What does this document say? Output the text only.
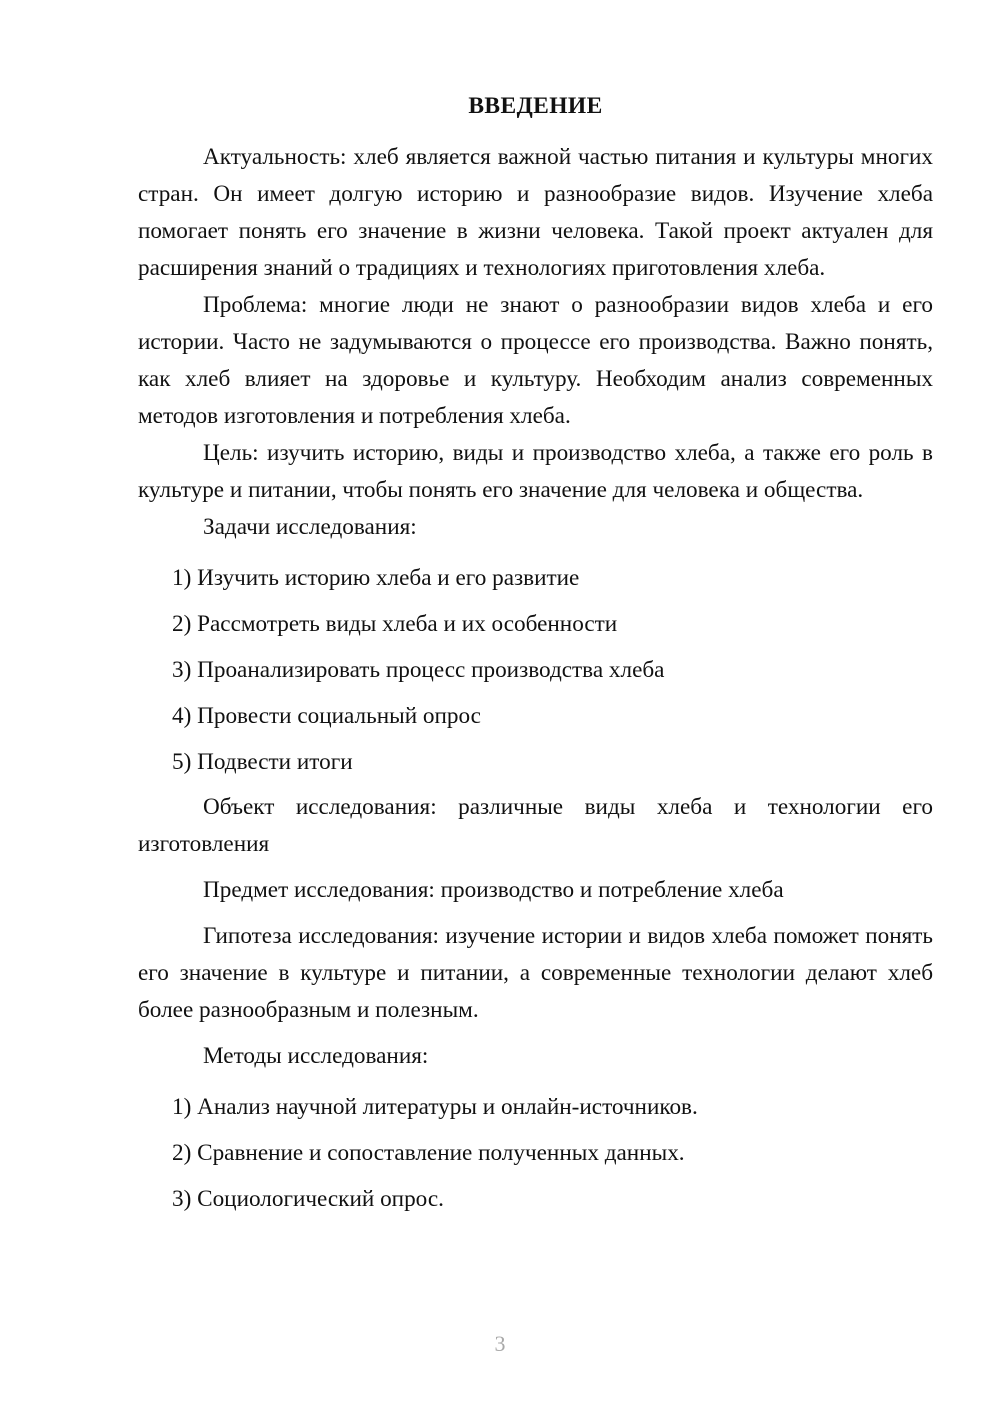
ВВЕДЕНИЕ

Актуальность: хлеб является важной частью питания и культуры многих стран. Он имеет долгую историю и разнообразие видов. Изучение хлеба помогает понять его значение в жизни человека. Такой проект актуален для расширения знаний о традициях и технологиях приготовления хлеба.

Проблема: многие люди не знают о разнообразии видов хлеба и его истории. Часто не задумываются о процессе его производства. Важно понять, как хлеб влияет на здоровье и культуру. Необходим анализ современных методов изготовления и потребления хлеба.

Цель: изучить историю, виды и производство хлеба, а также его роль в культуре и питании, чтобы понять его значение для человека и общества.

Задачи исследования:

1) Изучить историю хлеба и его развитие
2) Рассмотреть виды хлеба и их особенности
3) Проанализировать процесс производства хлеба
4) Провести социальный опрос
5) Подвести итоги

Объект исследования: различные виды хлеба и технологии его изготовления

Предмет исследования: производство и потребление хлеба

Гипотеза исследования: изучение истории и видов хлеба поможет понять его значение в культуре и питании, а современные технологии делают хлеб более разнообразным и полезным.

Методы исследования:

1) Анализ научной литературы и онлайн-источников.
2) Сравнение и сопоставление полученных данных.
3) Социологический опрос.
3
